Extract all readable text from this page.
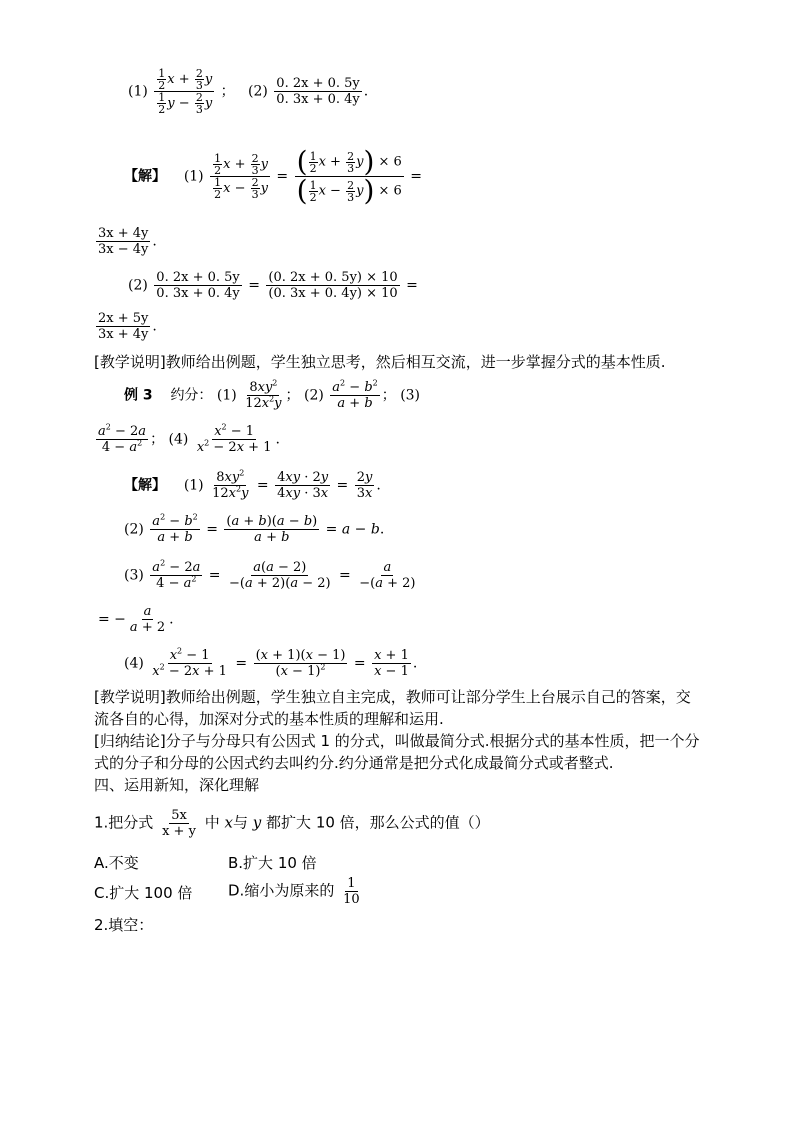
$(1) \frac{\frac{1}{2} x + \frac{2}{3} y}{\frac{1}{2} y - \frac{2}{3} y}$ ；   $(2) \frac{0. 2x + 0. 5y}{0. 3x + 0. 4y}$ .
【解】 $(1) \frac{\frac{1}{2} x + \frac{2}{3} y}{\frac{1}{2} x - \frac{2}{3} y} = \frac{( \frac{1}{2} x + \frac{2}{3} y) \times 6}{( \frac{1}{2} x - \frac{2}{3} y) \times 6}$ =
$\frac{3x + 4y}{3x - 4y}$ .
$(2) \frac{0. 2x + 0. 5y}{0. 3x + 0. 4y} = \frac{(0. 2x + 0. 5y) \times 10}{(0. 3x + 0. 4y) \times 10}$ =
$\frac{2x + 5y}{3x + 4y}$ .
[教学说明]教师给出例题，学生独立思考，然后相互交流，进一步掌握分式的基本性质.
例 3 约分： $(1) \frac{8xy^2}{12x^2y}$ ； $(2) \frac{a^2 - b^2}{a + b}$ ； (3)
$\frac{a^2 - 2a}{4 - a^2}$ ； $(4) \frac{x^2 - 1}{x^2 - 2x + 1}$ .
【解】 $(1) \frac{8xy^2}{12x^2y} = \frac{4xy \cdot 2y}{4xy \cdot 3x} = \frac{2y}{3x}$ .
$(2) \frac{a^2 - b^2}{a + b} = \frac{(a + b)(a - b)}{a + b} = a - b$.
$(3) \frac{a^2 - 2a}{4 - a^2} = \frac{a(a - 2)}{-(a + 2)(a - 2)} = \frac{a}{-(a + 2)}$
= − $\frac{a}{a + 2}$ .
$(4) \frac{x^2 - 1}{x^2 - 2x + 1} = \frac{(x + 1)(x - 1)}{(x - 1)^2} = \frac{x + 1}{x - 1}$ .
[教学说明]教师给出例题，学生独立自主完成，教师可让部分学生上台展示自己的答案，交
流各自的心得，加深对分式的基本性质的理解和运用.
[归纳结论]分子与分母只有公因式 1 的分式，叫做最简分式.根据分式的基本性质，把一个分
式的分子和分母的公因式约去叫约分.约分通常是把分式化成最简分式或者整式.
四、运用新知，深化理解
1.把分式 $\frac{5x}{x + y}$ 中 x与 y 都扩大 10 倍，那么公式的值（）
A.不变	B.扩大 10 倍
C.扩大 100 倍 D.缩小为原来的 $\frac{1}{10}$
2.填空：
